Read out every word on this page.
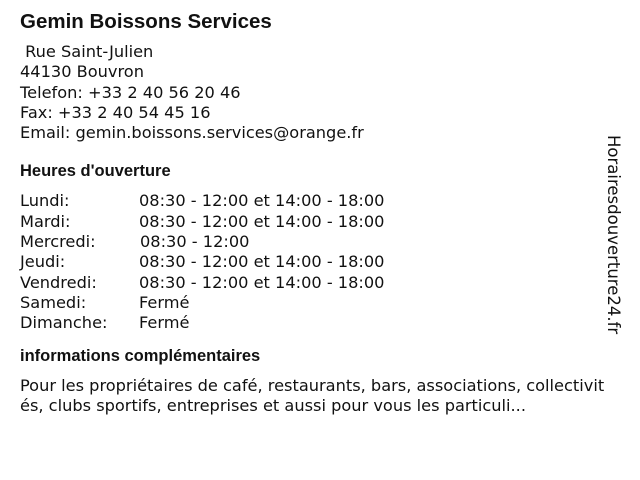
Gemin Boissons Services
Rue Saint-Julien
44130 Bouvron
Telefon: +33 2 40 56 20 46
Fax: +33 2 40 54 45 16
Email: gemin.boissons.services@orange.fr
Heures d'ouverture
Lundi:	08:30 - 12:00 et 14:00 - 18:00
Mardi:	08:30 - 12:00 et 14:00 - 18:00
Mercredi:	08:30 - 12:00
Jeudi:	08:30 - 12:00 et 14:00 - 18:00
Vendredi:	08:30 - 12:00 et 14:00 - 18:00
Samedi:	Fermé
Dimanche:	Fermé
informations complémentaires
Pour les propriétaires de café, restaurants, bars, associations, collectivités, clubs sportifs, entreprises et aussi pour vous les particuli...
Horairesdouverture24.fr
